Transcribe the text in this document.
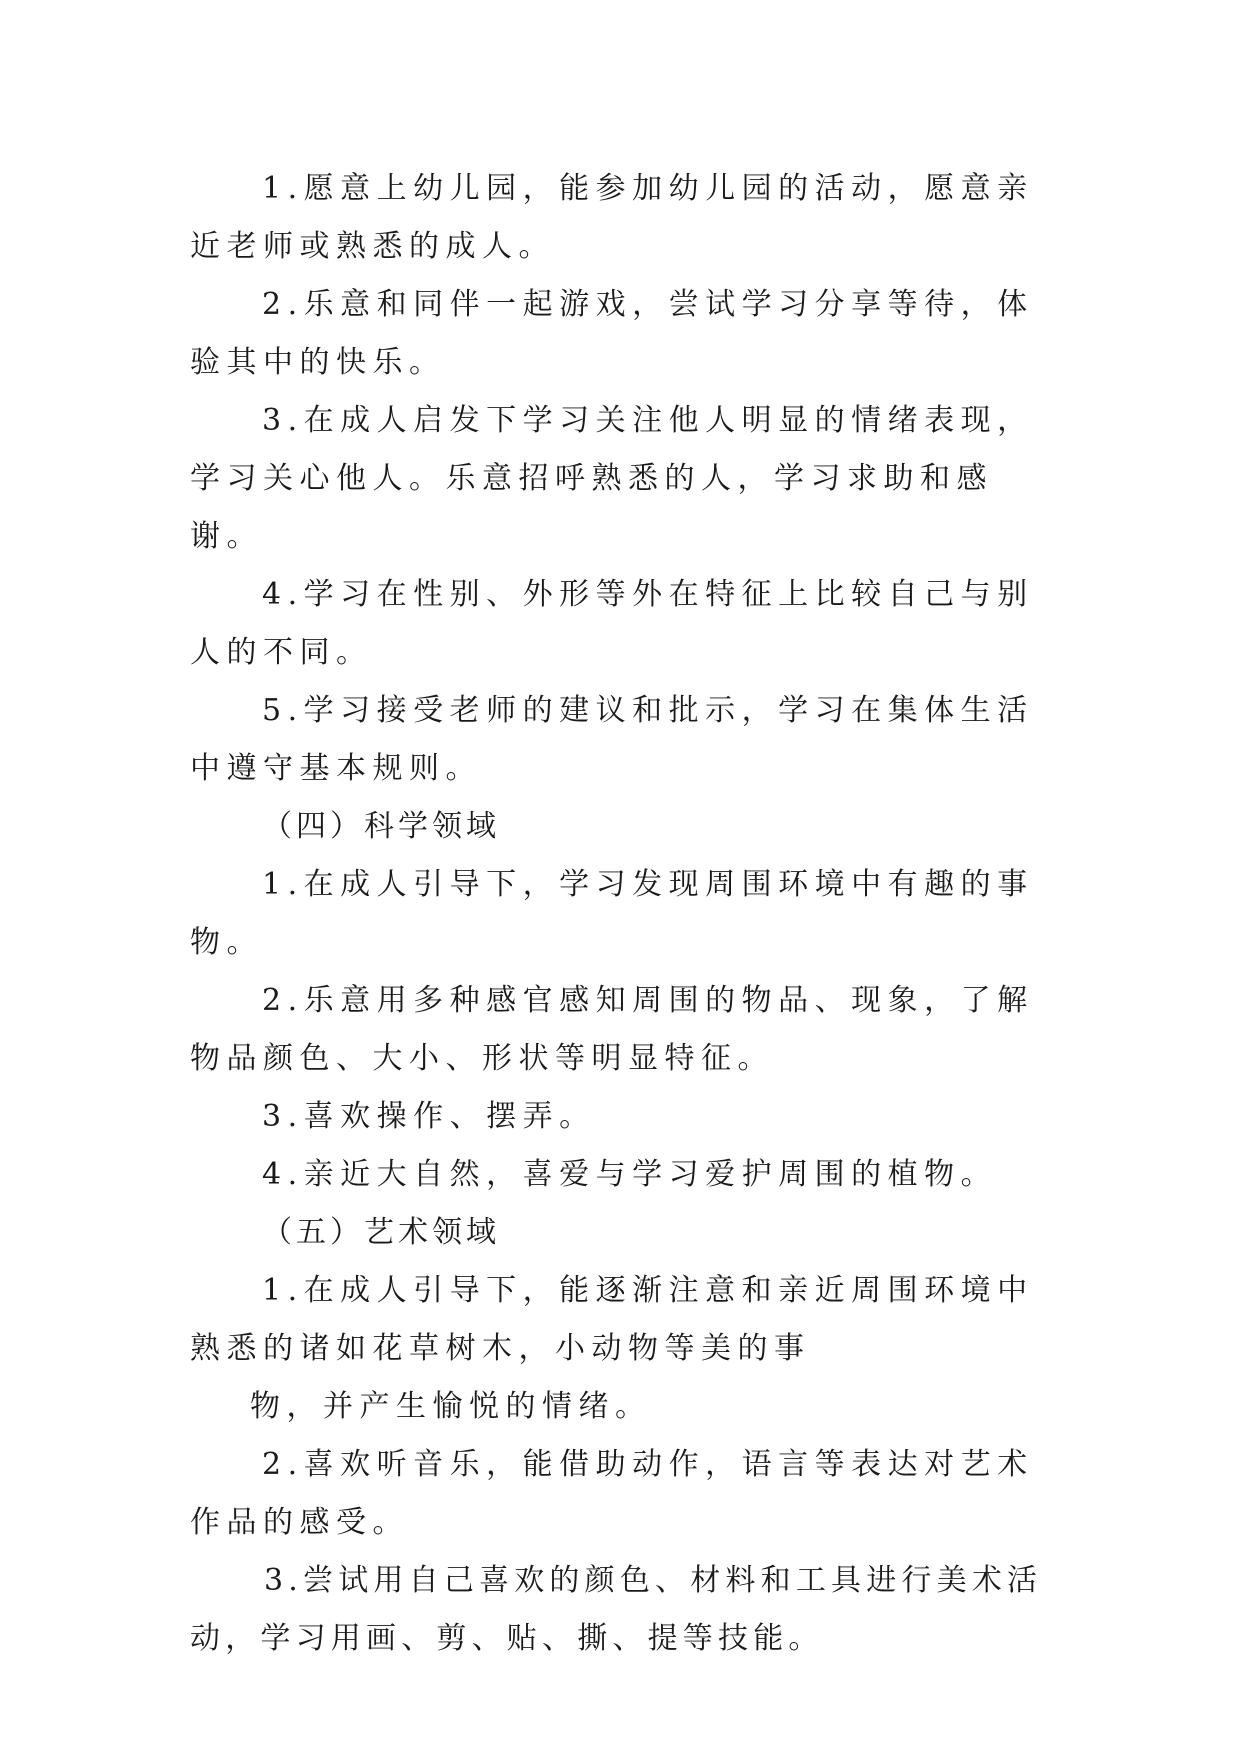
1.愿意上幼儿园，能参加幼儿园的活动，愿意亲近老师或熟悉的成人。

2.乐意和同伴一起游戏，尝试学习分享等待，体验其中的快乐。

3.在成人启发下学习关注他人明显的情绪表现，学习关心他人。乐意招呼熟悉的人，学习求助和感谢。

4.学习在性别、外形等外在特征上比较自己与别人的不同。

5.学习接受老师的建议和批示，学习在集体生活中遵守基本规则。

（四）科学领域

1.在成人引导下，学习发现周围环境中有趣的事物。

2.乐意用多种感官感知周围的物品、现象，了解物品颜色、大小、形状等明显特征。

3.喜欢操作、摆弄。

4.亲近大自然，喜爱与学习爱护周围的植物。

（五）艺术领域

1.在成人引导下，能逐渐注意和亲近周围环境中熟悉的诸如花草树木，小动物等美的事

物，并产生愉悦的情绪。

2.喜欢听音乐，能借助动作，语言等表达对艺术作品的感受。

3.尝试用自己喜欢的颜色、材料和工具进行美术活动，学习用画、剪、贴、撕、提等技能。
